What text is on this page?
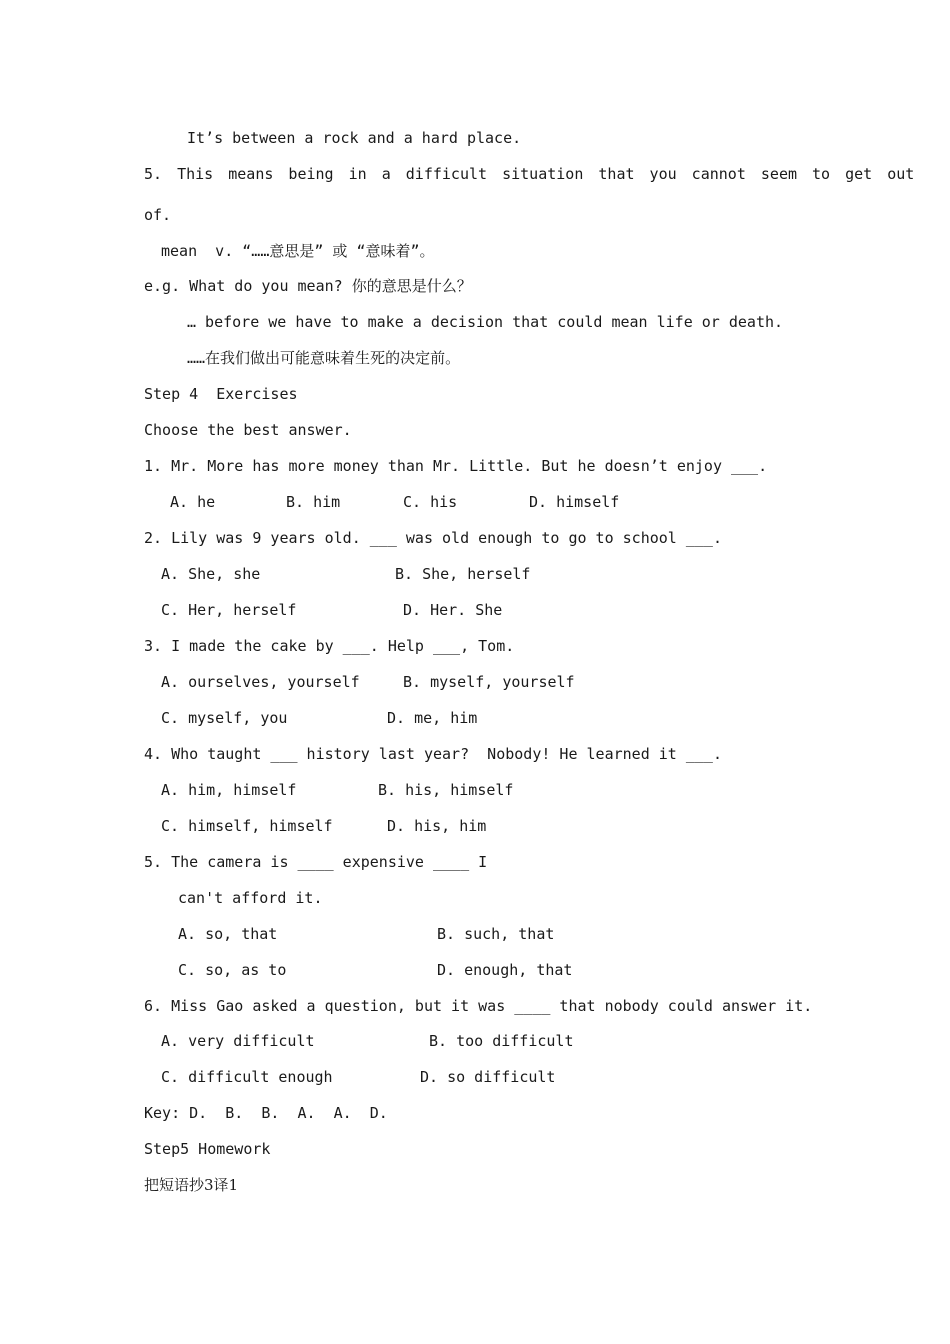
It’s between a rock and a hard place.
5. This means being in a difficult situation that you cannot seem to get out
of.
mean  v. “……意思是” 或 “意味着”。
e.g. What do you mean? 你的意思是什么？
… before we have to make a decision that could mean life or death.
……在我们做出可能意味着生死的决定前。
Step 4  Exercises
Choose the best answer.
1. Mr. More has more money than Mr. Little. But he doesn’t enjoy ___.
A. he	B. him	C. his	D. himself
2. Lily was 9 years old. ___ was old enough to go to school ___.
A. She, she	B. She, herself
C. Her, herself	D. Her. She
3. I made the cake by ___. Help ___, Tom.
A. ourselves, yourself	B. myself, yourself
C. myself, you	D. me, him
4. Who taught ___ history last year?  Nobody! He learned it ___.
A. him, himself	B. his, himself
C. himself, himself	D. his, him
5. The camera is ____ expensive ____ I
can't afford it.
A. so, that	B. such, that
C. so, as to	D. enough, that
6. Miss Gao asked a question, but it was ____ that nobody could answer it.
A. very difficult	B. too difficult
C. difficult enough	D. so difficult
Key: D.  B.  B.  A.  A.  D.
Step5 Homework
把短语抄3译1
